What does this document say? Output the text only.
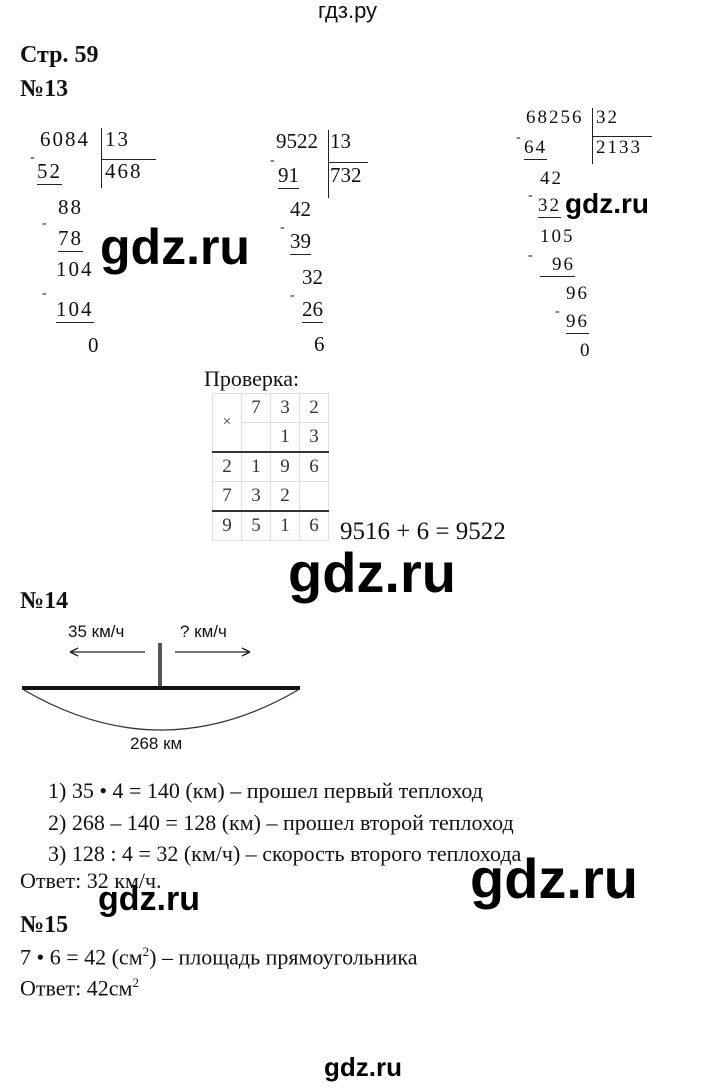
гдз.ру
Стр. 59
№13
6084 13
468
-
52
88
-
78
104
-
104
0
9522 13
732
-
91
42
-
39
32
-
26
6
68256 32
2133
- 64
42
- 32
105
-	96
96
- 96
0
Проверка:
×	7	3	2
		1	3
2	1	9	6
7	3	2	
9	5	1	6 9516 + 6 = 9522
№14
35 км/ч	? км/ч
268 км
1) 35 • 4 = 140 (км) – прошел первый теплоход
2) 268 – 140 = 128 (км) – прошел второй теплоход
3) 128 : 4 = 32 (км/ч) – скорость второго теплохода
Ответ: 32 км/ч.
№15
7 • 6 = 42 $(см^2)$ – площадь прямоугольника
Ответ: $42см^2$
gdz.ru
gdz.ru
gdz.ru
gdz.ru
gdz.ru
gdz.ru
